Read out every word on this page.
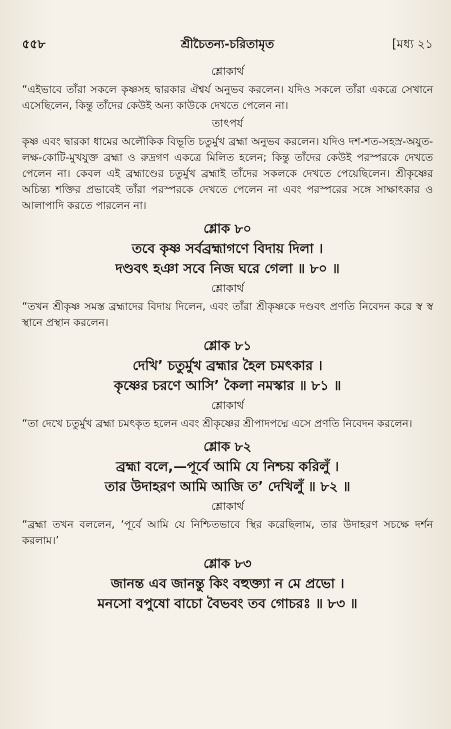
৫৫৮	শ্রীচৈতন্য-চরিতামৃত	[মধ্য ২১

শ্লোকার্থ

“এইভাবে তাঁরা সকলে কৃষ্ণসহ দ্বারকার ঐশ্বর্য অনুভব করলেন। যদিও সকলে তাঁরা একত্রে সেখানে এসেছিলেন, কিন্তু তাঁদের কেউই অন্য কাউকে দেখতে পেলেন না।

তাৎপর্য

কৃষ্ণ এবং দ্বারকা ধামের অলৌকিক বিভূতি চতুর্মুখ ব্রহ্মা অনুভব করলেন। যদিও দশ-শত-সহস্র-অযুত-লক্ষ-কোটি-মুখযুক্ত ব্রহ্মা ও রুদ্রগণ একত্রে মিলিত হলেন; কিন্তু তাঁদের কেউই পরস্পরকে দেখতে পেলেন না। কেবল এই ব্রহ্মাণ্ডের চতুর্মুখ ব্রহ্মাই তাঁদের সকলকে দেখতে পেয়েছিলেন। শ্রীকৃষ্ণের অচিন্ত্য শক্তির প্রভাবেই তাঁরা পরস্পরকে দেখতে পেলেন না এবং পরস্পরের সঙ্গে সাক্ষাৎকার ও আলাপাদি করতে পারলেন না।

শ্লোক ৮০

তবে কৃষ্ণ সর্বব্রহ্মাগণে বিদায় দিলা ।

দণ্ডবৎ হঞা সবে নিজ ঘরে গেলা ॥ ৮০ ॥

শ্লোকার্থ

“তখন শ্রীকৃষ্ণ সমস্ত ব্রহ্মাদের বিদায় দিলেন, এবং তাঁরা শ্রীকৃষ্ণকে দণ্ডবৎ প্রণতি নিবেদন করে স্ব স্ব স্থানে প্রস্থান করলেন।

শ্লোক ৮১

দেখি’ চতুর্মুখ ব্রহ্মার হৈল চমৎকার ।

কৃষ্ণের চরণে আসি’ কৈলা নমস্কার ॥ ৮১ ॥

শ্লোকার্থ

“তা দেখে চতুর্মুখ ব্রহ্মা চমৎকৃত হলেন এবং শ্রীকৃষ্ণের শ্রীপাদপদ্মে এসে প্রণতি নিবেদন করলেন।

শ্লোক ৮২

ব্রহ্মা বলে,—পূর্বে আমি যে নিশ্চয় করিলুঁ ।

তার উদাহরণ আমি আজি ত’ দেখিলুঁ ॥ ৮২ ॥

শ্লোকার্থ

“ব্রহ্মা তখন বললেন, ‘পূর্বে আমি যে নিশ্চিতভাবে স্থির করেছিলাম, তার উদাহরণ সচক্ষে দর্শন করলাম।’

শ্লোক ৮৩

জানন্ত এব জানন্তু কিং বহুক্ত্যা ন মে প্রভো ।

মনসো বপুষো বাচো বৈভবং তব গোচরঃ ॥ ৮৩ ॥
